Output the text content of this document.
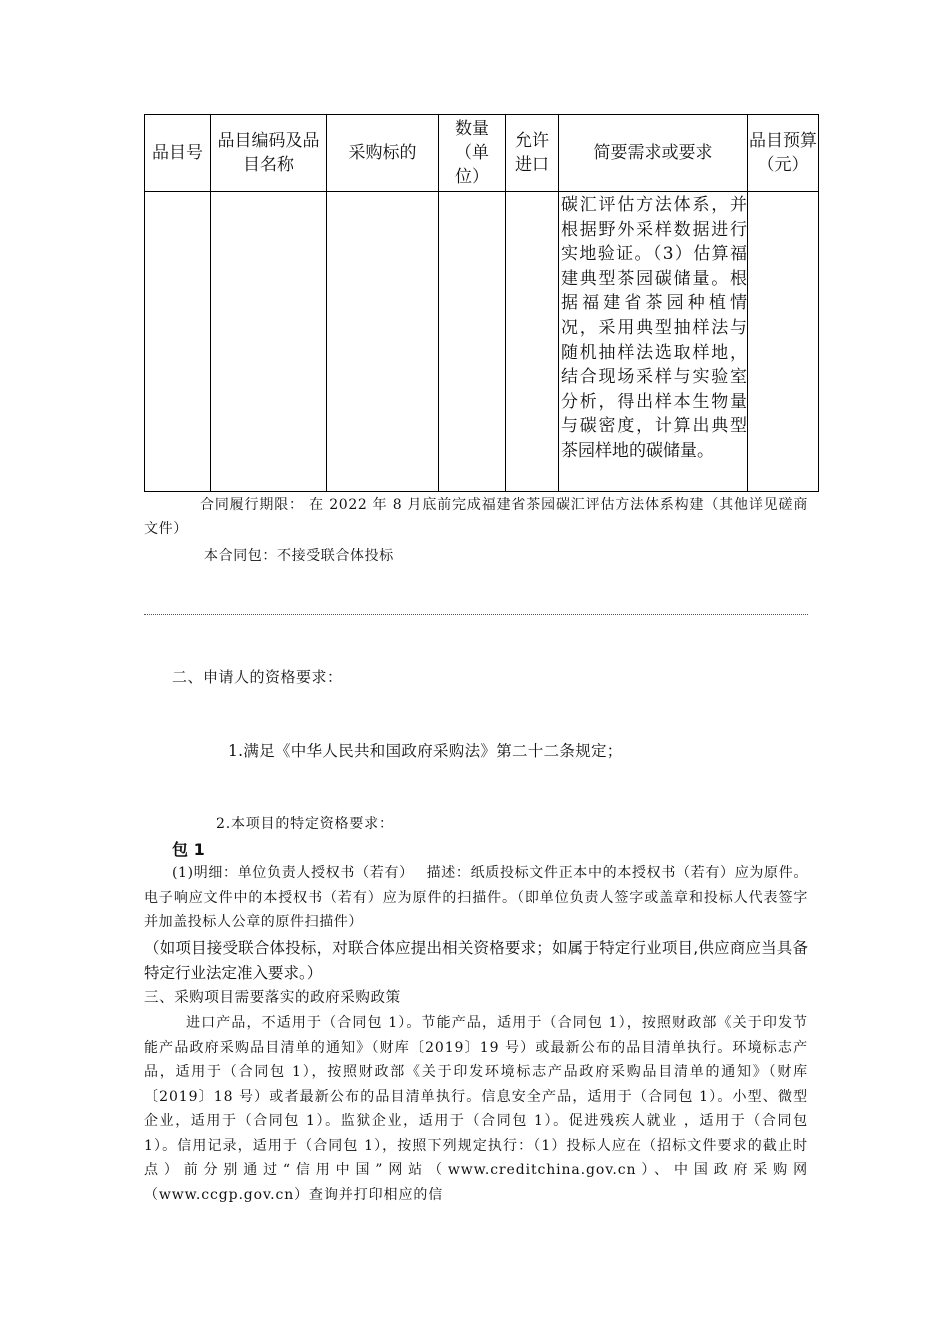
品目号	品目编码及品目名称	采购标的	数量（单位）	允许进口	简要需求或要求	品目预算（元）
					碳汇评估方法体系，并根据野外采样数据进行实地验证。（3）估算福建典型茶园碳储量。根据福建省茶园种植情况，采用典型抽样法与随机抽样法选取样地，结合现场采样与实验室分析，得出样本生物量与碳密度，计算出典型茶园样地的碳储量。	

合同履行期限： 在 2022 年 8 月底前完成福建省茶园碳汇评估方法体系构建（其他详见磋商文件）

本合同包：不接受联合体投标

二、申请人的资格要求：

1.满足《中华人民共和国政府采购法》第二十二条规定；

2.本项目的特定资格要求：

包 1

(1)明细：单位负责人授权书（若有）　 描述：纸质投标文件正本中的本授权书（若有）应为原件。电子响应文件中的本授权书（若有）应为原件的扫描件。（即单位负责人签字或盖章和投标人代表签字并加盖投标人公章的原件扫描件）

（如项目接受联合体投标，对联合体应提出相关资格要求；如属于特定行业项目,供应商应当具备特定行业法定准入要求。）

三、采购项目需要落实的政府采购政策

进口产品，不适用于（合同包 1）。节能产品，适用于（合同包 1），按照财政部《关于印发节能产品政府采购品目清单的通知》（财库〔2019〕19 号）或最新公布的品目清单执行。环境标志产品，适用于（合同包 1），按照财政部《关于印发环境标志产品政府采购品目清单的通知》（财库〔2019〕18 号）或者最新公布的品目清单执行。信息安全产品，适用于（合同包 1）。小型、微型企业，适用于（合同包 1）。监狱企业，适用于（合同包 1）。促进残疾人就业 ，适用于（合同包 1）。信用记录，适用于（合同包 1），按照下列规定执行：（1）投标人应在（招标文件要求的截止时点）前分别通过“信用中国”网站（www.creditchina.gov.cn）、中国政府采购网（www.ccgp.gov.cn）查询并打印相应的信
